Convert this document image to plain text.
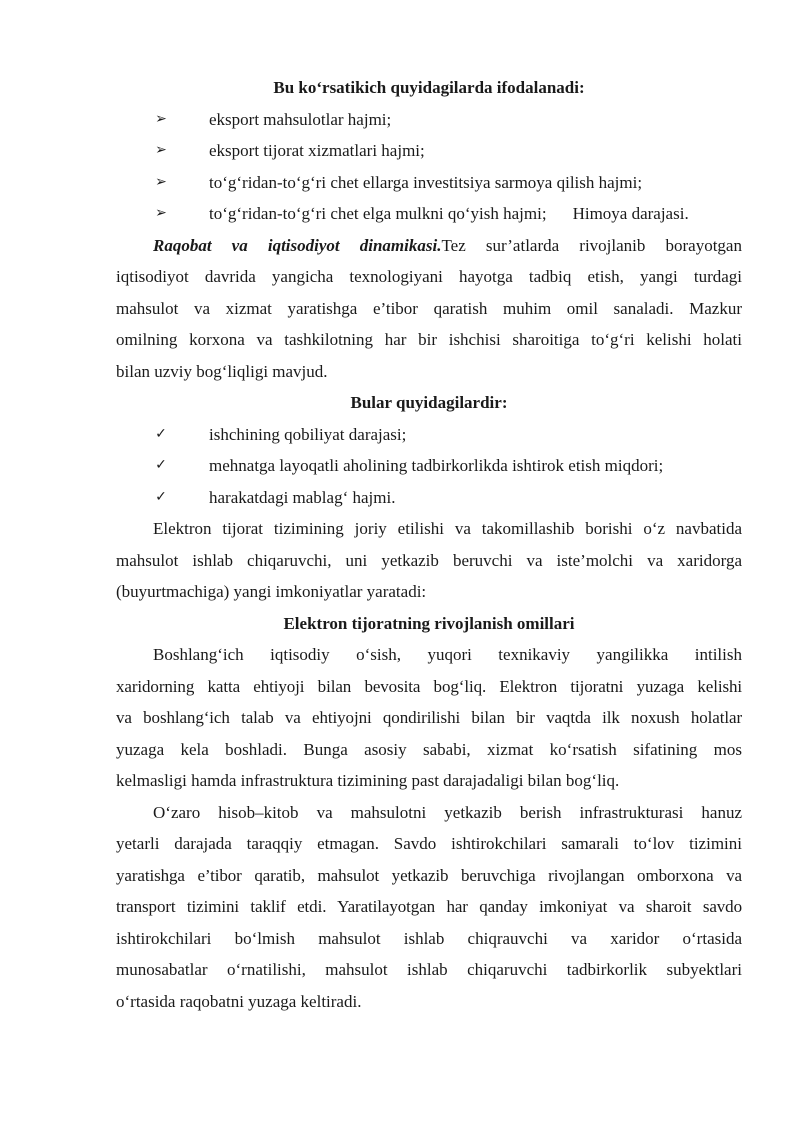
Bu ko‘rsatikich quyidagilarda ifodalanadi:
➢ eksport mahsulotlar hajmi;
➢ eksport tijorat xizmatlari hajmi;
➢ to‘g‘ridan-to‘g‘ri chet ellarga investitsiya sarmoya qilish hajmi;
➢ to‘g‘ridan-to‘g‘ri chet elga mulkni qo‘yish hajmi; Himoya darajasi.
Raqobat va iqtisodiyot dinamikasi.Tez sur’atlarda rivojlanib borayotgan
iqtisodiyot davrida yangicha texnologiyani hayotga tadbiq etish, yangi turdagi
mahsulot va xizmat yaratishga e’tibor qaratish muhim omil sanaladi. Mazkur
omilning korxona va tashkilotning har bir ishchisi sharoitiga to‘g‘ri kelishi holati
bilan uzviy bog‘liqligi mavjud.
Bular quyidagilardir:
✓ ishchining qobiliyat darajasi;
✓ mehnatga layoqatli aholining tadbirkorlikda ishtirok etish miqdori;
✓ harakatdagi mablag‘ hajmi.
Elektron tijorat tizimining joriy etilishi va takomillashib borishi o‘z navbatida
mahsulot ishlab chiqaruvchi, uni yetkazib beruvchi va iste’molchi va xaridorga
(buyurtmachiga) yangi imkoniyatlar yaratadi:
Elektron tijoratning rivojlanish omillari
Boshlang‘ich iqtisodiy o‘sish, yuqori texnikaviy yangilikka intilish
xaridorning katta ehtiyoji bilan bevosita bog‘liq. Elektron tijoratni yuzaga kelishi
va boshlang‘ich talab va ehtiyojni qondirilishi bilan bir vaqtda ilk noxush holatlar
yuzaga kela boshladi. Bunga asosiy sababi, xizmat ko‘rsatish sifatining mos
kelmasligi hamda infrastruktura tizimining past darajadaligi bilan bog‘liq.
O‘zaro hisob–kitob va mahsulotni yetkazib berish infrastrukturasi hanuz
yetarli darajada taraqqiy etmagan. Savdo ishtirokchilari samarali to‘lov tizimini
yaratishga e’tibor qaratib, mahsulot yetkazib beruvchiga rivojlangan omborxona va
transport tizimini taklif etdi. Yaratilayotgan har qanday imkoniyat va sharoit savdo
ishtirokchilari bo‘lmish mahsulot ishlab chiqrauvchi va xaridor o‘rtasida
munosabatlar o‘rnatilishi, mahsulot ishlab chiqaruvchi tadbirkorlik subyektlari
o‘rtasida raqobatni yuzaga keltiradi.
